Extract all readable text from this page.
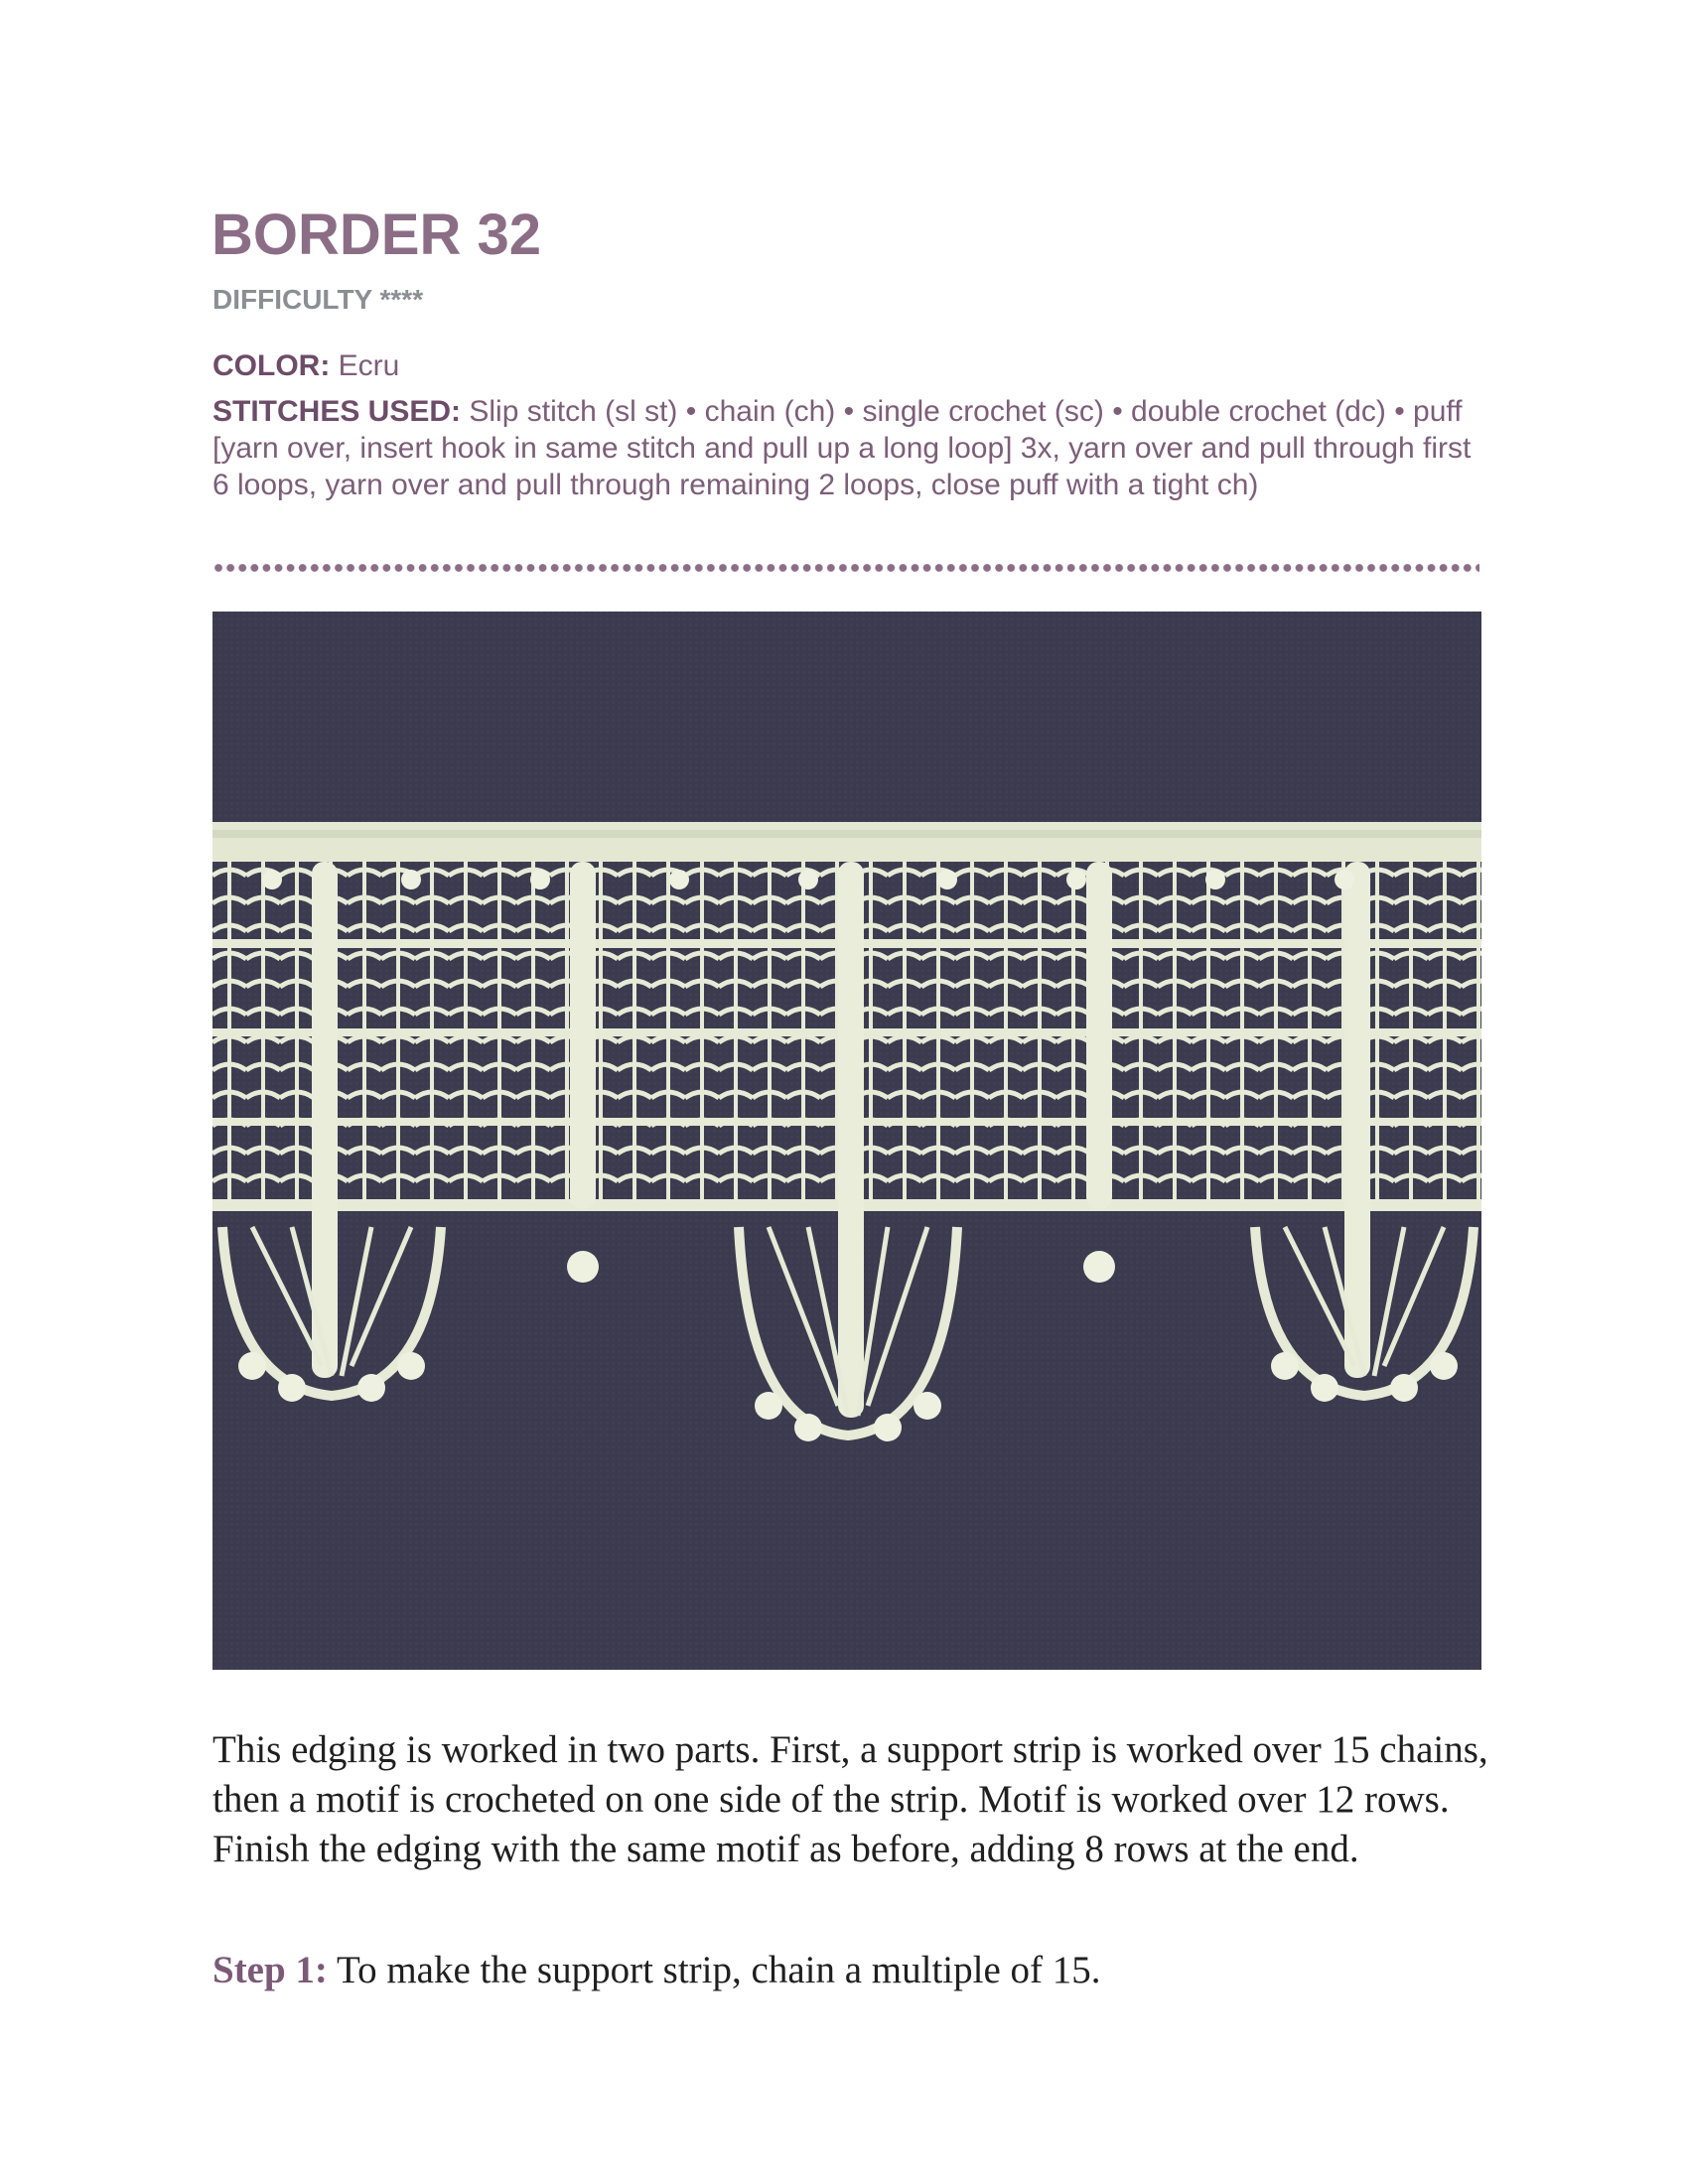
BORDER 32
DIFFICULTY ****
COLOR: Ecru
STITCHES USED: Slip stitch (sl st) • chain (ch) • single crochet (sc) • double crochet (dc) • puff [yarn over, insert hook in same stitch and pull up a long loop] 3x, yarn over and pull through first 6 loops, yarn over and pull through remaining 2 loops, close puff with a tight ch)

This edging is worked in two parts. First, a support strip is worked over 15 chains, then a motif is crocheted on one side of the strip. Motif is worked over 12 rows. Finish the edging with the same motif as before, adding 8 rows at the end.

Step 1: To make the support strip, chain a multiple of 15.
